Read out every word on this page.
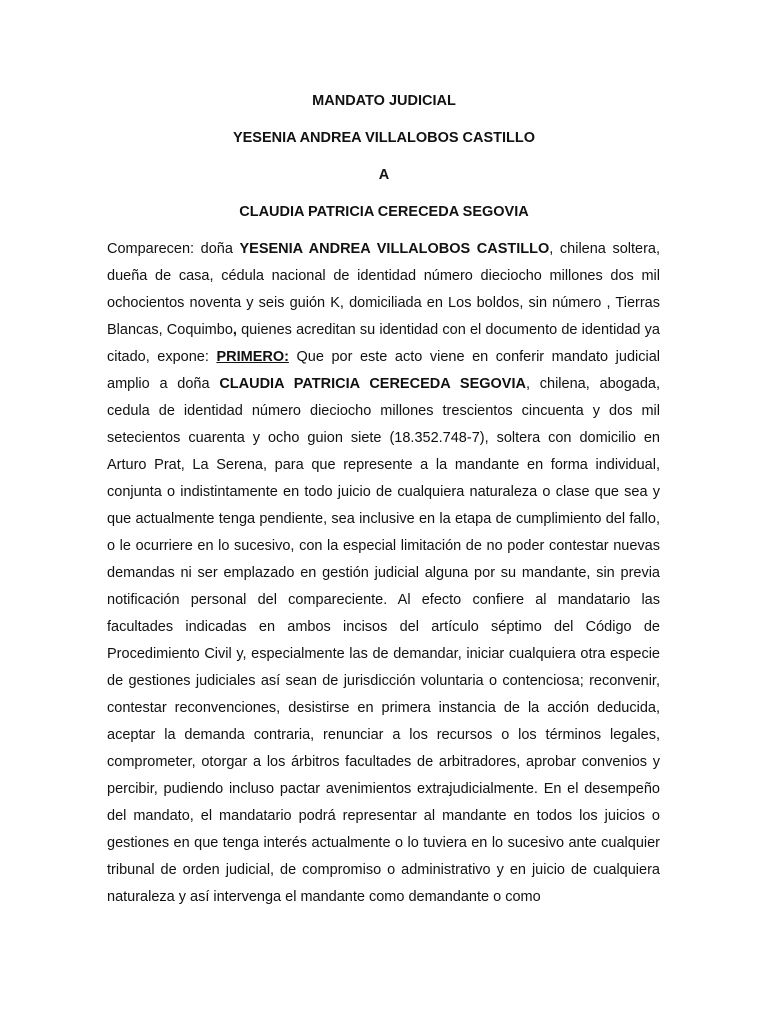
MANDATO JUDICIAL
YESENIA ANDREA VILLALOBOS CASTILLO
A
CLAUDIA PATRICIA CERECEDA SEGOVIA

Comparecen: doña YESENIA ANDREA VILLALOBOS CASTILLO, chilena soltera, dueña de casa, cédula nacional de identidad número dieciocho millones dos mil ochocientos noventa y seis guión K, domiciliada en Los boldos, sin número , Tierras Blancas, Coquimbo, quienes acreditan su identidad con el documento de identidad ya citado, expone: PRIMERO: Que por este acto viene en conferir mandato judicial amplio a doña CLAUDIA PATRICIA CERECEDA SEGOVIA, chilena, abogada, cedula de identidad número dieciocho millones trescientos cincuenta y dos mil setecientos cuarenta y ocho guion siete (18.352.748-7), soltera con domicilio en Arturo Prat, La Serena, para que represente a la mandante en forma individual, conjunta o indistintamente en todo juicio de cualquiera naturaleza o clase que sea y que actualmente tenga pendiente, sea inclusive en la etapa de cumplimiento del fallo, o le ocurriere en lo sucesivo, con la especial limitación de no poder contestar nuevas demandas ni ser emplazado en gestión judicial alguna por su mandante, sin previa notificación personal del compareciente. Al efecto confiere al mandatario las facultades indicadas en ambos incisos del artículo séptimo del Código de Procedimiento Civil y, especialmente las de demandar, iniciar cualquiera otra especie de gestiones judiciales así sean de jurisdicción voluntaria o contenciosa; reconvenir, contestar reconvenciones, desistirse en primera instancia de la acción deducida, aceptar la demanda contraria, renunciar a los recursos o los términos legales, comprometer, otorgar a los árbitros facultades de arbitradores, aprobar convenios y percibir, pudiendo incluso pactar avenimientos extrajudicialmente. En el desempeño del mandato, el mandatario podrá representar al mandante en todos los juicios o gestiones en que tenga interés actualmente o lo tuviera en lo sucesivo ante cualquier tribunal de orden judicial, de compromiso o administrativo y en juicio de cualquiera naturaleza y así intervenga el mandante como demandante o como
